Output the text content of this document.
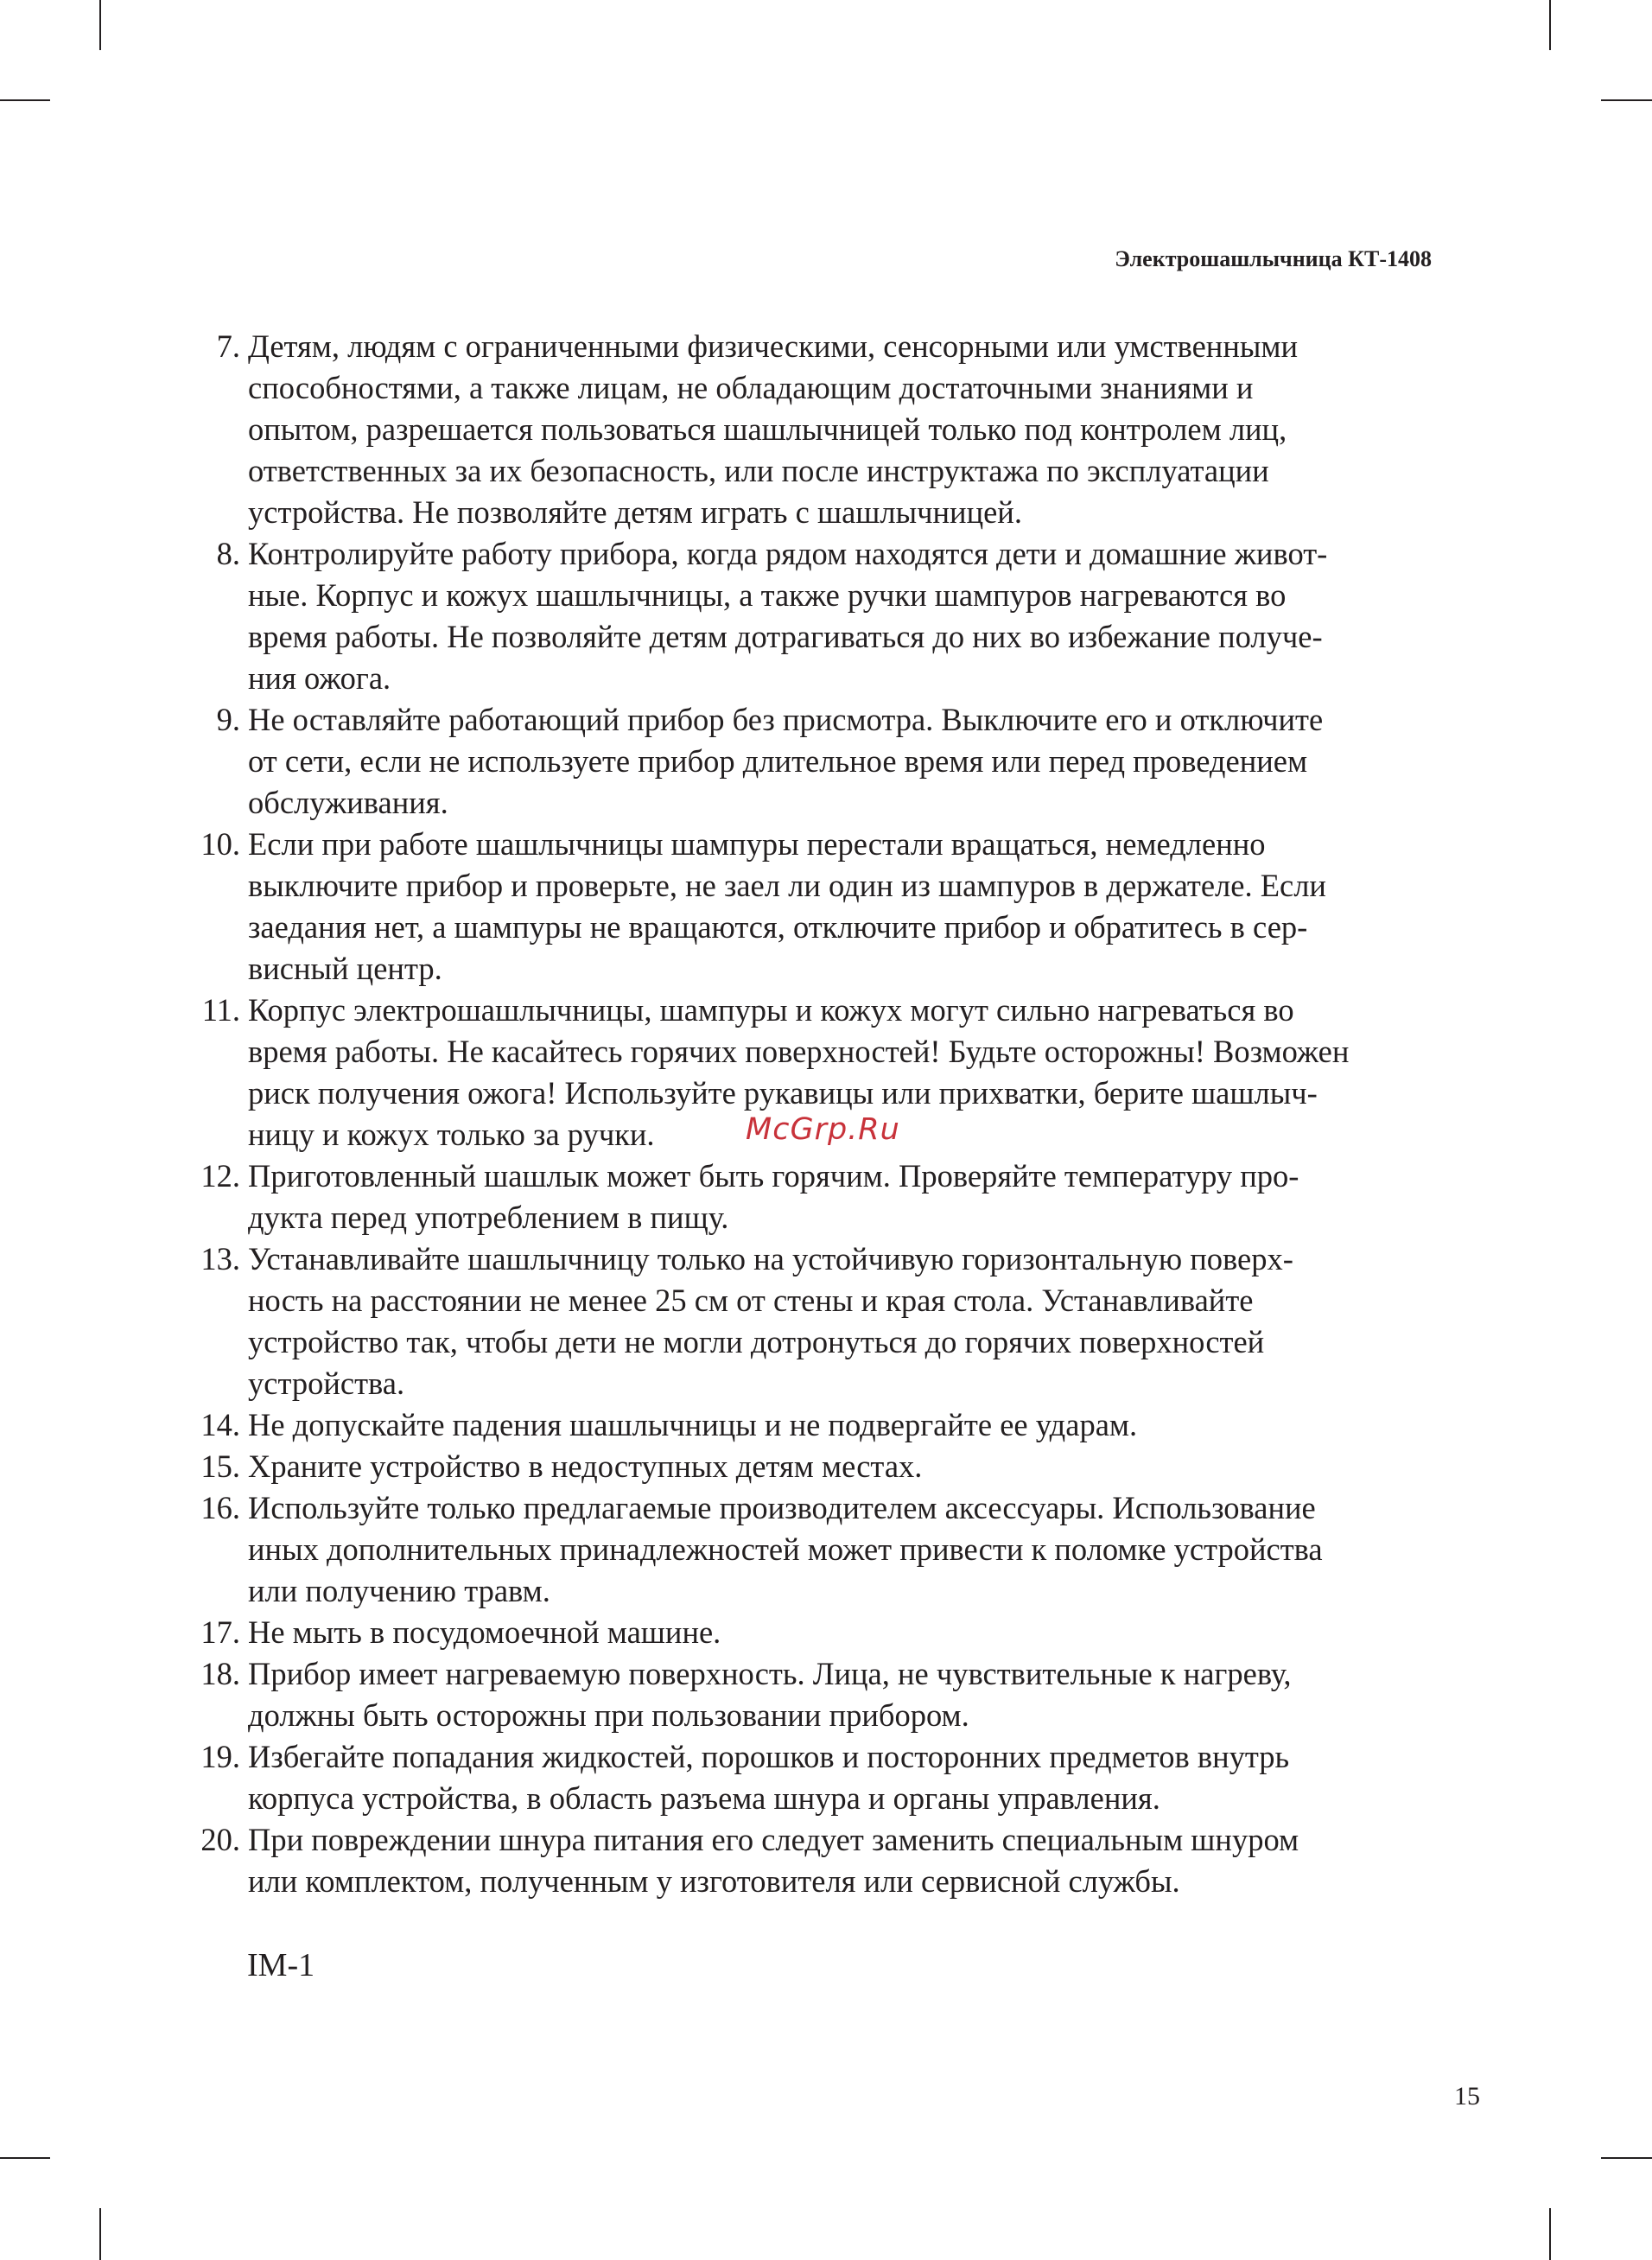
Электрошашлычница КТ-1408
7. Детям, людям с ограниченными физическими, сенсорными или умственными
способностями, а также лицам, не обладающим достаточными знаниями и
опытом, разрешается пользоваться шашлычницей только под контролем лиц,
ответственных за их безопасность, или после инструктажа по эксплуатации
устройства. Не позволяйте детям играть с шашлычницей.
8. Контролируйте работу прибора, когда рядом находятся дети и домашние живот-
ные. Корпус и кожух шашлычницы, а также ручки шампуров нагреваются во
время работы. Не позволяйте детям дотрагиваться до них во избежание получе-
ния ожога.
9. Не оставляйте работающий прибор без присмотра. Выключите его и отключите
от сети, если не используете прибор длительное время или перед проведением
обслуживания.
10. Если при работе шашлычницы шампуры перестали вращаться, немедленно
выключите прибор и проверьте, не заел ли один из шампуров в держателе. Если
заедания нет, а шампуры не вращаются, отключите прибор и обратитесь в сер-
висный центр.
11. Корпус электрошашлычницы, шампуры и кожух могут сильно нагреваться во
время работы. Не касайтесь горячих поверхностей! Будьте осторожны! Возможен
риск получения ожога! Используйте рукавицы или прихватки, берите шашлыч-
ницу и кожух только за ручки.
12. Приготовленный шашлык может быть горячим. Проверяйте температуру про-
дукта перед употреблением в пищу.
13. Устанавливайте шашлычницу только на устойчивую горизонтальную поверх-
ность на расстоянии не менее 25 см от стены и края стола. Устанавливайте
устройство так, чтобы дети не могли дотронуться до горячих поверхностей
устройства.
14. Не допускайте падения шашлычницы и не подвергайте ее ударам.
15. Храните устройство в недоступных детям местах.
16. Используйте только предлагаемые производителем аксессуары. Использование
иных дополнительных принадлежностей может привести к поломке устройства
или получению травм.
17. Не мыть в посудомоечной машине.
18. Прибор имеет нагреваемую поверхность. Лица, не чувствительные к нагреву,
должны быть осторожны при пользовании прибором.
19. Избегайте попадания жидкостей, порошков и посторонних предметов внутрь
корпуса устройства, в область разъема шнура и органы управления.
20. При повреждении шнура питания его следует заменить специальным шнуром
или комплектом, полученным у изготовителя или сервисной службы.
IM-1
McGrp.Ru
15
